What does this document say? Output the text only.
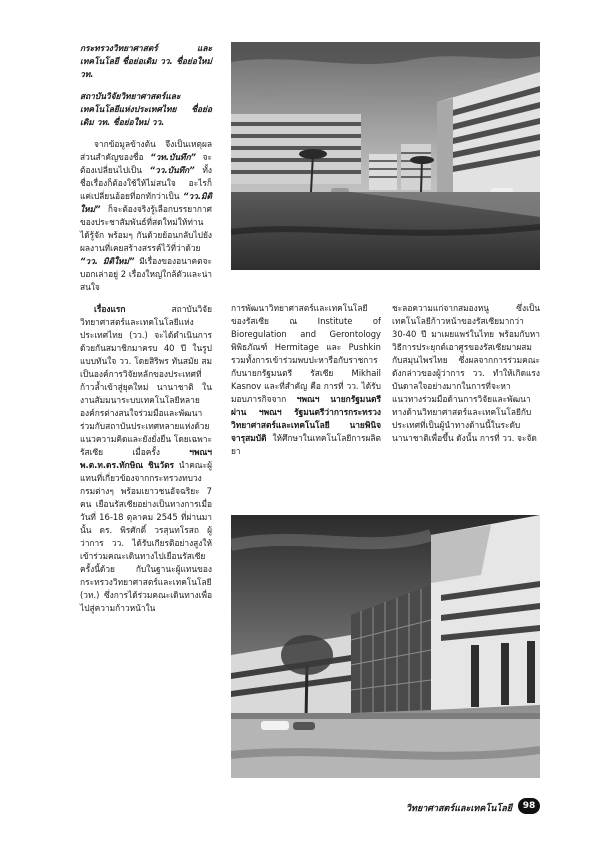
กระทรวงวิทยาศาสตร์ และเทคโนโลยี ชื่อย่อเดิม วว. ชื่อย่อใหม่ วท.

สถาบันวิจัยวิทยาศาสตร์และเทคโนโลยีแห่งประเทศไทย ชื่อย่อเดิม วท. ชื่อย่อใหม่ วว.

จากข้อมูลข้างต้น จึงเป็นเหตุผลส่วนสำคัญของชื่อ “วท.บันทึก” จะต้องเปลี่ยนไปเป็น “วว.บันทึก” ทั้งชื่อเรื่องก็ต้องใช้ให้ไม่สนใจ อะไรก็แค่เปลี่ยนอ้อยที่อกทักว่าเป็น “วว.มิติใหม่” ก็จะต้องจริงรู้เลือกบรรยากาศของประชาสัมพันธ์ที่สดใหม่ให้ท่านได้รู้จัก พร้อมๆ กันด้วยย้อนกลับไปยังผลงานที่เคยสร้างสรรค์ไว้ที่ว่าด้วย “วว. มิติใหม่” มีเรื่องของอนาคตจะบอกเล่าอยู่ 2 เรื่องใหญ่ใกล้ตัวและน่าสนใจ

เรื่องแรก	สถาบันวิจัยวิทยาศาสตร์และเทคโนโลยีแห่งประเทศไทย (วว.) จะได้ดำเนินการด้วยกันสมาชิกมาครบ 40 ปี ในรูปแบบทันใจ วว. โดยสิริพร ทันสมัย สมเป็นองค์การวิจัยหลักของประเทศที่ก้าวล้ำเข้าสู่ยุคใหม่ นานาชาติ ในงานสัมมนาระบบเทคโนโลยีหลายองค์กรต่างสนใจร่วมมือและพัฒนาร่วมกับสถาบันประเทศหลายแห่งด้วยแนวความคิดและยังยั่งยืน โดยเฉพาะรัสเซีย เมื่อครั้ง	ฯพณฯ พ.ต.ท.ดร.ทักษิณ ชินวัตร นำคณะผู้แทนที่เกี่ยวข้องจากกระทรวงทบวงกรมต่างๆ พร้อมเยาวชนอัจฉริยะ 7 คน เยือนรัสเซียอย่างเป็นทางการเมื่อวันที่ 16-18 ตุลาคม 2545 ที่ผ่านมานั้น ดร. พิรศักดิ์ วรสุนทโรสถ ผู้ว่าการ วว. ได้รับเกียรติอย่างสูงให้เข้าร่วมคณะเดินทางไปเยือนรัสเซียครั้งนี้ด้วย กับในฐานะผู้แทนของกระทรวงวิทยาศาสตร์และเทคโนโลยี (วท.) ซึ่งการได้ร่วมคณะเดินทางเพื่อไปสู่ความก้าวหน้าใน

การพัฒนาวิทยาศาสตร์และเทคโนโลยีของรัสเซีย ณ Institute of Bioregulation and Gerontology พิพิธภัณฑ์ Hermitage และ Pushkin รวมทั้งการเข้าร่วมพบปะหารือกับราชการกับนายกรัฐมนตรี รัสเซีย Mikhail Kasnov และที่สำคัญ คือ การที่ วว. ได้รับมอบภารกิจจาก ฯพณฯ นายกรัฐมนตรี ผ่าน ฯพณฯ รัฐมนตรีว่าการกระทรวงวิทยาศาสตร์และเทคโนโลยี นายพินิจ จารุสมบัติ ให้ศึกษาในเทคโนโลยีการผลิตยา

ชะลอความแก่จากสมองหนู ซึ่งเป็นเทคโนโลยีก้าวหน้าของรัสเซียมากว่า 30-40 ปี มาเผยแพร่ในไทย พร้อมกับหาวิธีการประยุกต์เอาศูรของรัสเซียมาผสมกับสมุนไพรไทย ซึ่งผลจากการร่วมคณะดังกล่าวของผู้ว่าการ วว. ทำให้เกิดแรงบันดาลใจอย่างมากในการที่จะหาแนวทางร่วมมือด้านการวิจัยและพัฒนาทางด้านวิทยาศาสตร์และเทคโนโลยีกับประเทศที่เป็นผู้นำทางด้านนี้ในระดับนานาชาติเพื่อขึ้น ดังนั้น การที่ วว. จะจัด

วิทยาศาสตร์และเทคโนโลยี	98
